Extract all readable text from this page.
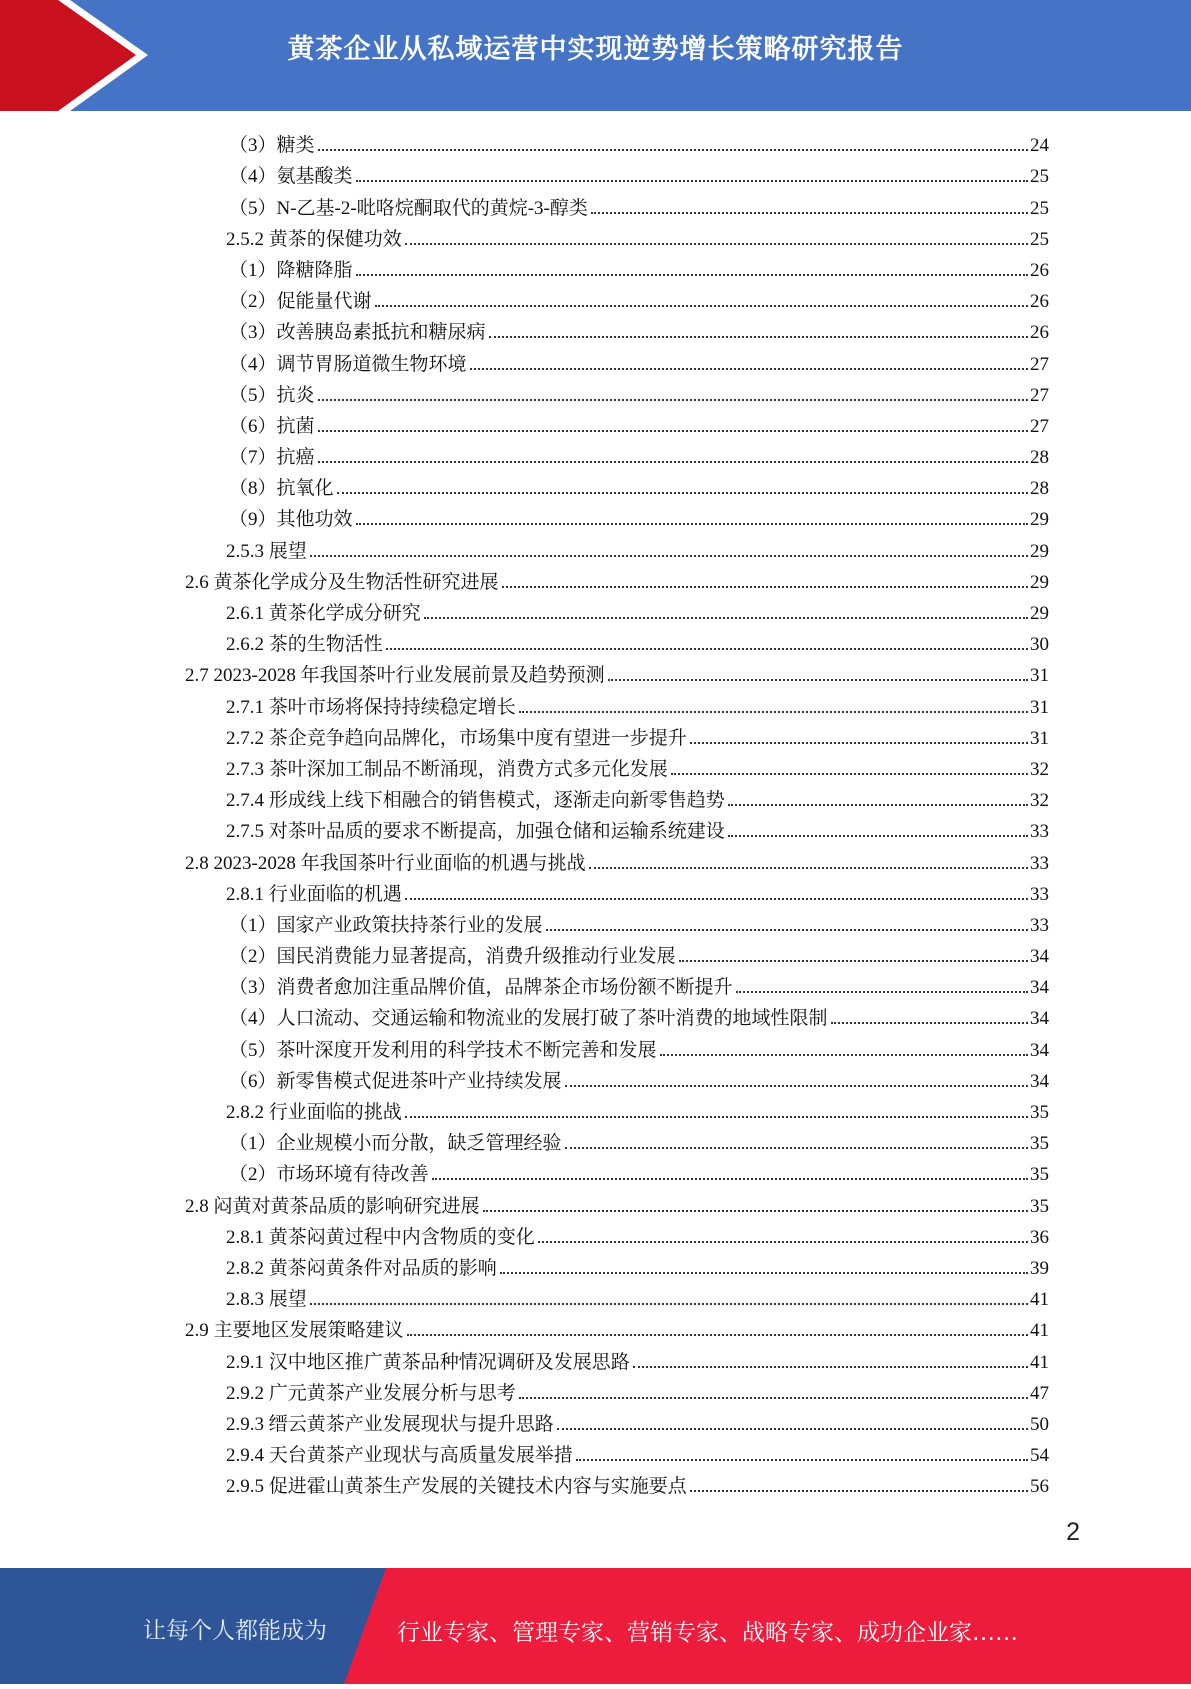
黄茶企业从私域运营中实现逆势增长策略研究报告
（3）糖类	24
（4）氨基酸类	25
（5）N-乙基-2-吡咯烷酮取代的黄烷-3-醇类	25
2.5.2 黄茶的保健功效	25
（1）降糖降脂	26
（2）促能量代谢	26
（3）改善胰岛素抵抗和糖尿病	26
（4）调节胃肠道微生物环境	27
（5）抗炎	27
（6）抗菌	27
（7）抗癌	28
（8）抗氧化	28
（9）其他功效	29
2.5.3 展望	29
2.6 黄茶化学成分及生物活性研究进展	29
2.6.1 黄茶化学成分研究	29
2.6.2 茶的生物活性	30
2.7 2023-2028 年我国茶叶行业发展前景及趋势预测	31
2.7.1 茶叶市场将保持持续稳定增长	31
2.7.2 茶企竞争趋向品牌化，市场集中度有望进一步提升	31
2.7.3 茶叶深加工制品不断涌现，消费方式多元化发展	32
2.7.4 形成线上线下相融合的销售模式，逐渐走向新零售趋势	32
2.7.5 对茶叶品质的要求不断提高，加强仓储和运输系统建设	33
2.8 2023-2028 年我国茶叶行业面临的机遇与挑战	33
2.8.1 行业面临的机遇	33
（1）国家产业政策扶持茶行业的发展	33
（2）国民消费能力显著提高，消费升级推动行业发展	34
（3）消费者愈加注重品牌价值，品牌茶企市场份额不断提升	34
（4）人口流动、交通运输和物流业的发展打破了茶叶消费的地域性限制	34
（5）茶叶深度开发利用的科学技术不断完善和发展	34
（6）新零售模式促进茶叶产业持续发展	34
2.8.2 行业面临的挑战	35
（1）企业规模小而分散，缺乏管理经验	35
（2）市场环境有待改善	35
2.8 闷黄对黄茶品质的影响研究进展	35
2.8.1 黄茶闷黄过程中内含物质的变化	36
2.8.2 黄茶闷黄条件对品质的影响	39
2.8.3 展望	41
2.9 主要地区发展策略建议	41
2.9.1 汉中地区推广黄茶品种情况调研及发展思路	41
2.9.2 广元黄茶产业发展分析与思考	47
2.9.3 缙云黄茶产业发展现状与提升思路	50
2.9.4 天台黄茶产业现状与高质量发展举措	54
2.9.5 促进霍山黄茶生产发展的关键技术内容与实施要点	56
2
让每个人都能成为	行业专家、管理专家、营销专家、战略专家、成功企业家……
